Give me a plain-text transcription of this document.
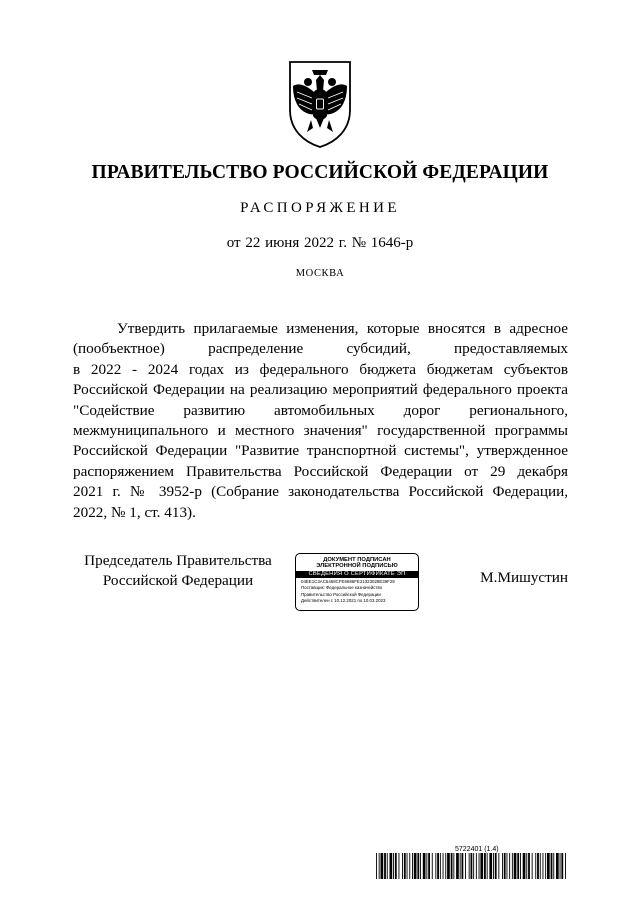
ПРАВИТЕЛЬСТВО РОССИЙСКОЙ ФЕДЕРАЦИИ
РАСПОРЯЖЕНИЕ
от 22 июня 2022 г. № 1646-р
МОСКВА
Утвердить прилагаемые изменения, которые вносятся в адресное
(пообъектное) распределение субсидий, предоставляемых
в 2022 - 2024 годах из федерального бюджета бюджетам субъектов
Российской Федерации на реализацию мероприятий федерального проекта
"Содействие развитию автомобильных дорог регионального,
межмуниципального и местного значения" государственной программы
Российской Федерации "Развитие транспортной системы", утвержденное
распоряжением Правительства Российской Федерации от 29 декабря
2021 г. № 3952-р (Собрание законодательства Российской Федерации,
2022, № 1, ст. 413).
Председатель Правительства
Российской Федерации
ДОКУМЕНТ ПОДПИСАН
ЭЛЕКТРОННОЙ ПОДПИСЬЮ
СВЕДЕНИЯ О СЕРТИФИКАТЕ ЭП
04EE1C3AC5468CFE6686FE21323028E39F29
Поставщик: Федеральное казначейство
Правительство Российской Федерации
Действителен с 10.12.2021 по 10.03.2023
М.Мишустин
5722401 (1.4)
